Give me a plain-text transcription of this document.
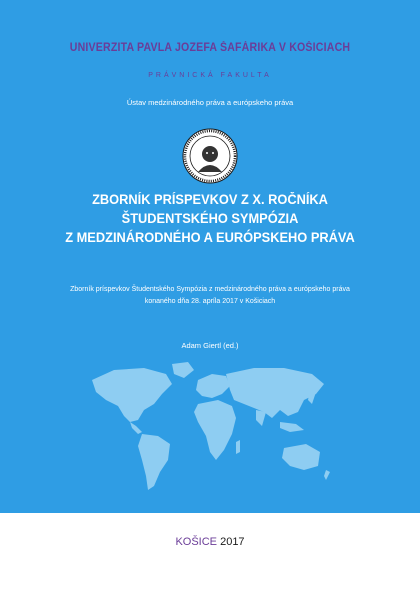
UNIVERZITA PAVLA JOZEFA ŠAFÁRIKA V KOŠICIACH
PRÁVNICKÁ FAKULTA
Ústav medzinárodného práva a európskeho práva
ZBORNÍK PRÍSPEVKOV Z X. ROČNÍKA
ŠTUDENTSKÉHO SYMPÓZIA
Z MEDZINÁRODNÉHO A EURÓPSKEHO PRÁVA
Zborník príspevkov Študentského Sympózia z medzinárodného práva a európskeho práva
konaného dňa 28. apríla 2017 v Košiciach
Adam Giertl (ed.)
KOŠICE 2017
